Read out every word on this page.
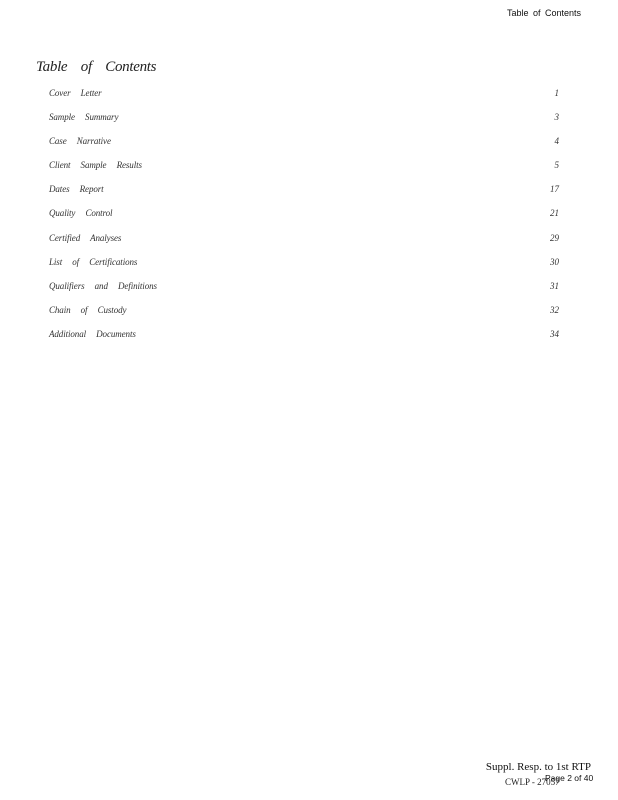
Table of Contents
Table of Contents
Cover Letter	1
Sample Summary	3
Case Narrative	4
Client Sample Results	5
Dates Report	17
Quality Control	21
Certified Analyses	29
List of Certifications	30
Qualifiers and Definitions	31
Chain of Custody	32
Additional Documents	34
Suppl. Resp. to 1st RTP
CWLP - 27057
Page 2 of 40
